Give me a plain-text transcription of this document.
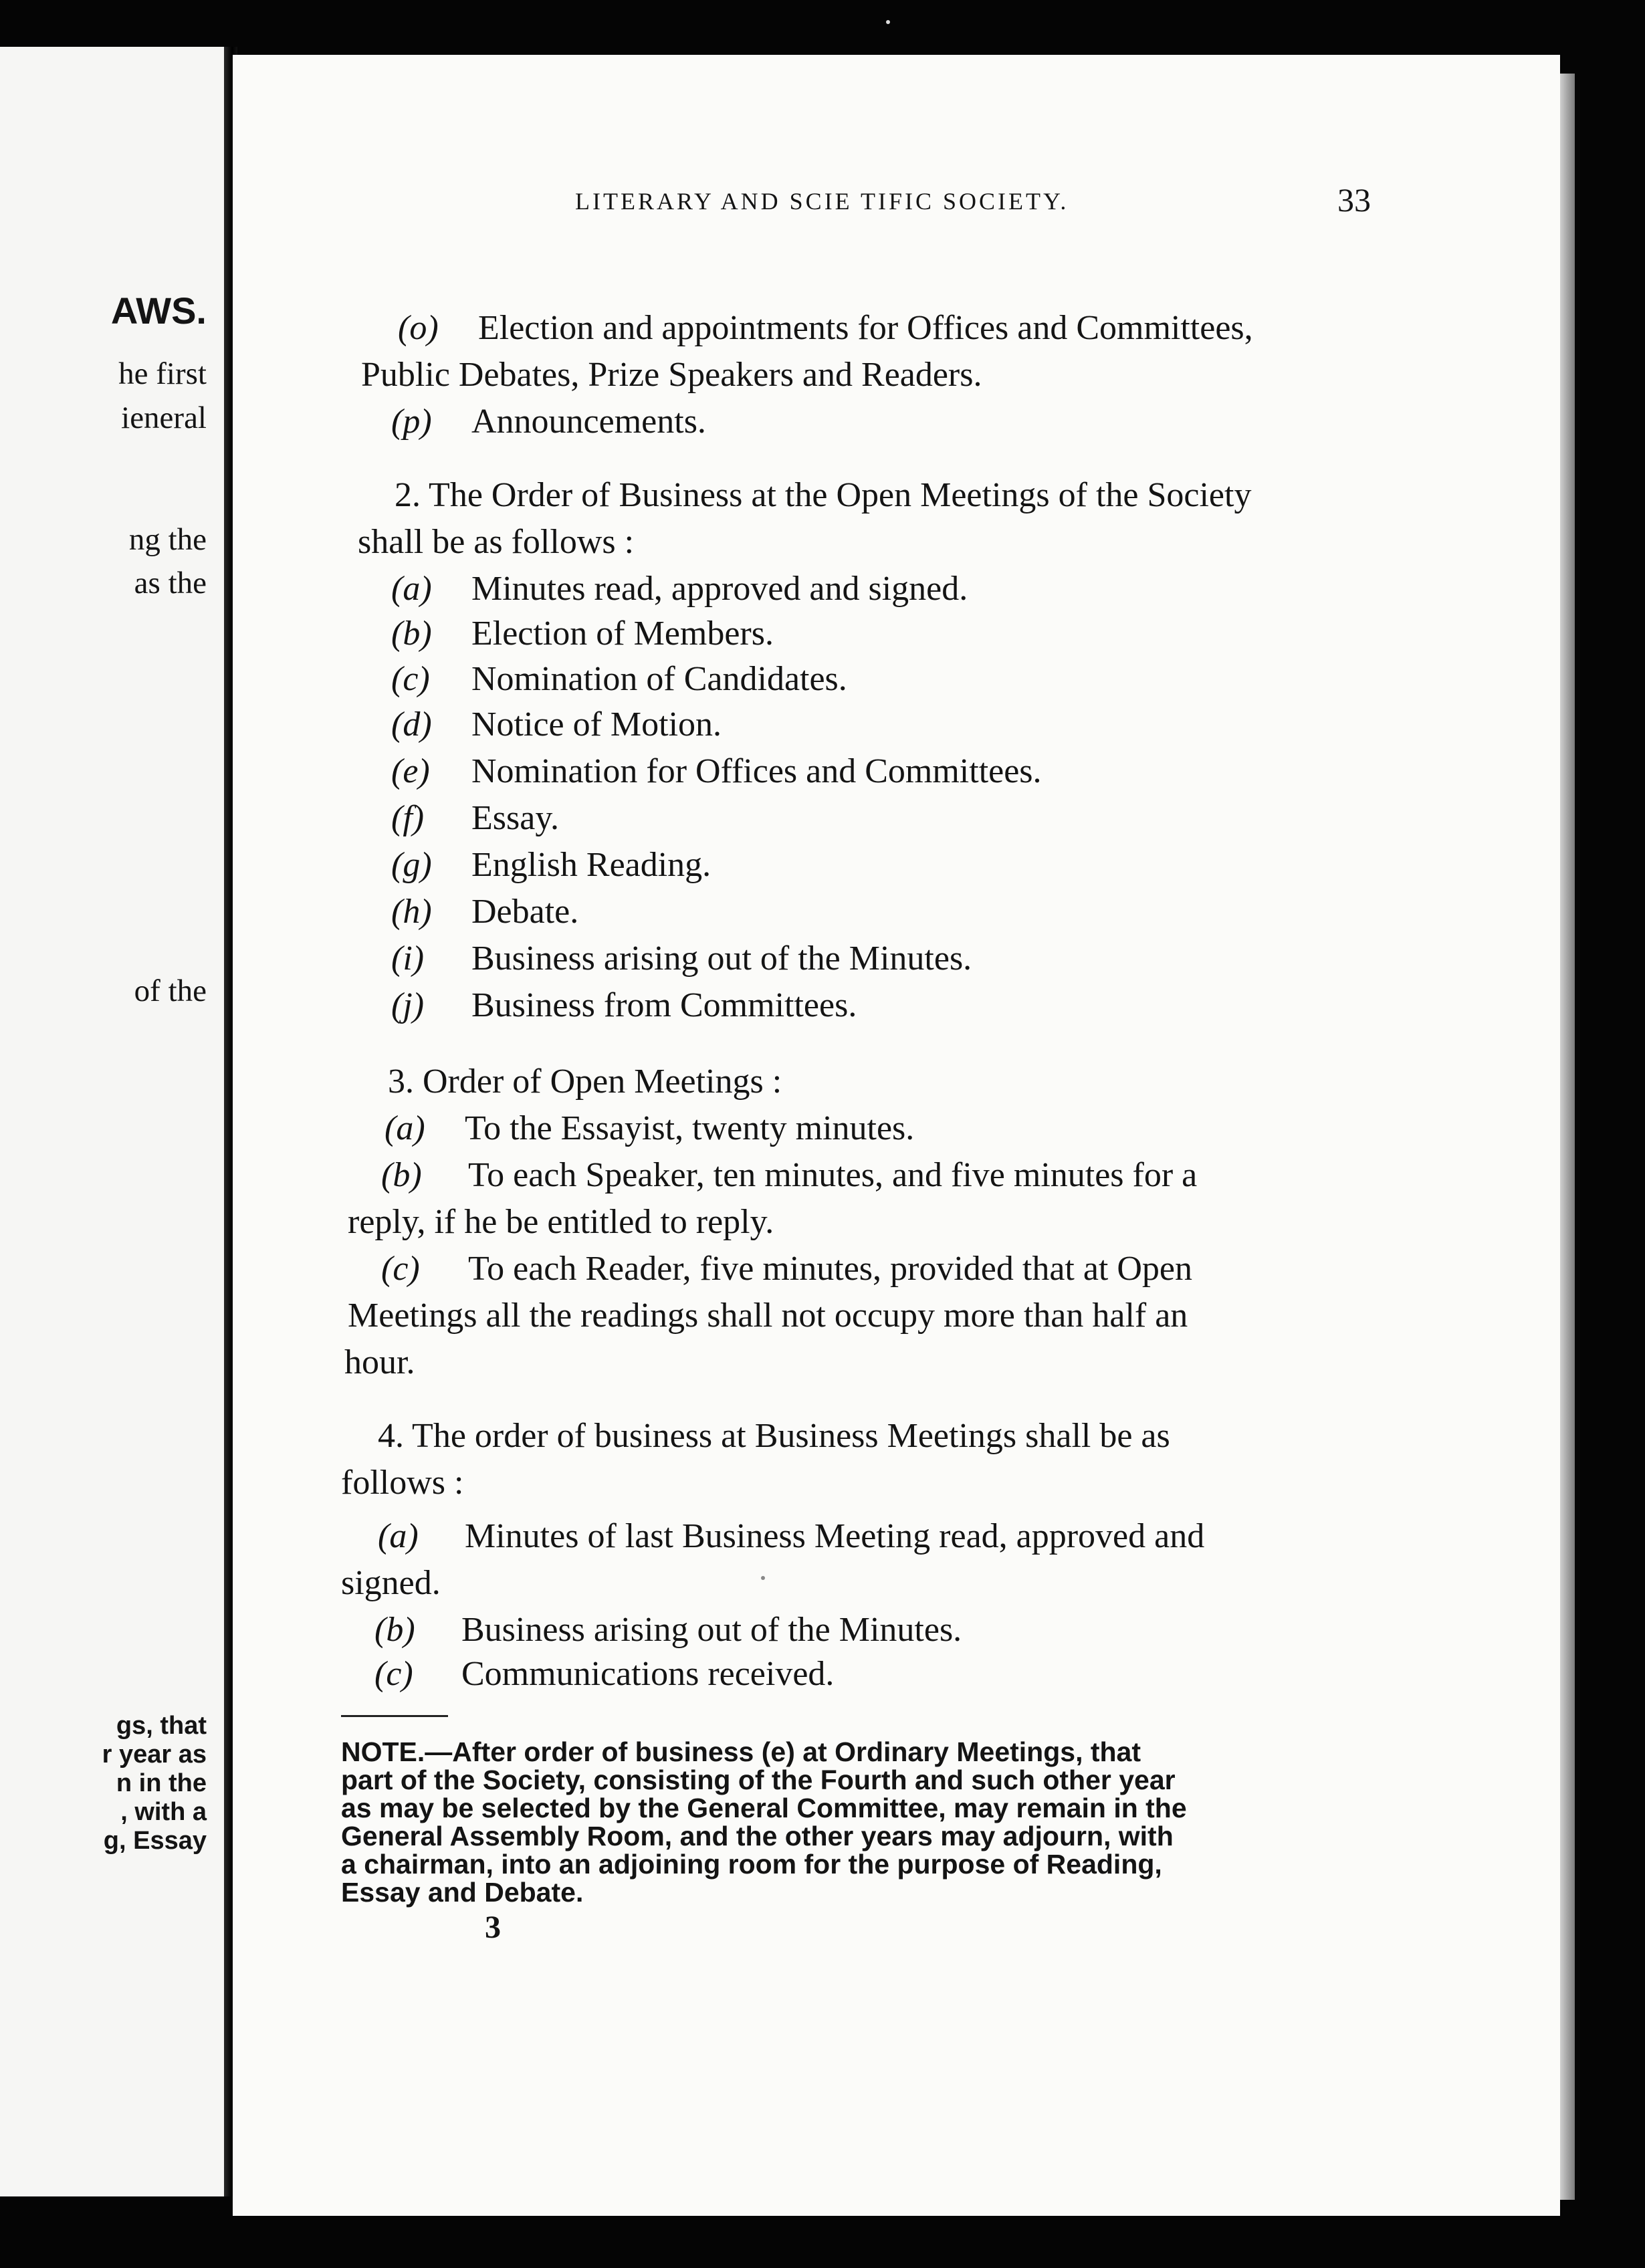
AWS.
he first
ieneral
ng the
as the
of the
gs, that
r year as
n in the
, with a
g, Essay
LITERARY AND SCIE TIFIC SOCIETY.	33
(o) Election and appointments for Offices and Committees,
Public Debates, Prize Speakers and Readers.
(p) Announcements.
2. The Order of Business at the Open Meetings of the Society
shall be as follows :
(a) Minutes read, approved and signed.
(b) Election of Members.
(c) Nomination of Candidates.
(d) Notice of Motion.
(e) Nomination for Offices and Committees.
(f) Essay.
(g) English Reading.
(h) Debate.
(i) Business arising out of the Minutes.
(j) Business from Committees.
3. Order of Open Meetings :
(a) To the Essayist, twenty minutes.
(b) To each Speaker, ten minutes, and five minutes for a
reply, if he be entitled to reply.
(c) To each Reader, five minutes, provided that at Open
Meetings all the readings shall not occupy more than half an
hour.
4. The order of business at Business Meetings shall be as
follows :
(a) Minutes of last Business Meeting read, approved and
signed.
(b) Business arising out of the Minutes.
(c) Communications received.
NOTE.—After order of business (e) at Ordinary Meetings, that
part of the Society, consisting of the Fourth and such other year
as may be selected by the General Committee, may remain in the
General Assembly Room, and the other years may adjourn, with
a chairman, into an adjoining room for the purpose of Reading,
Essay and Debate.
3
